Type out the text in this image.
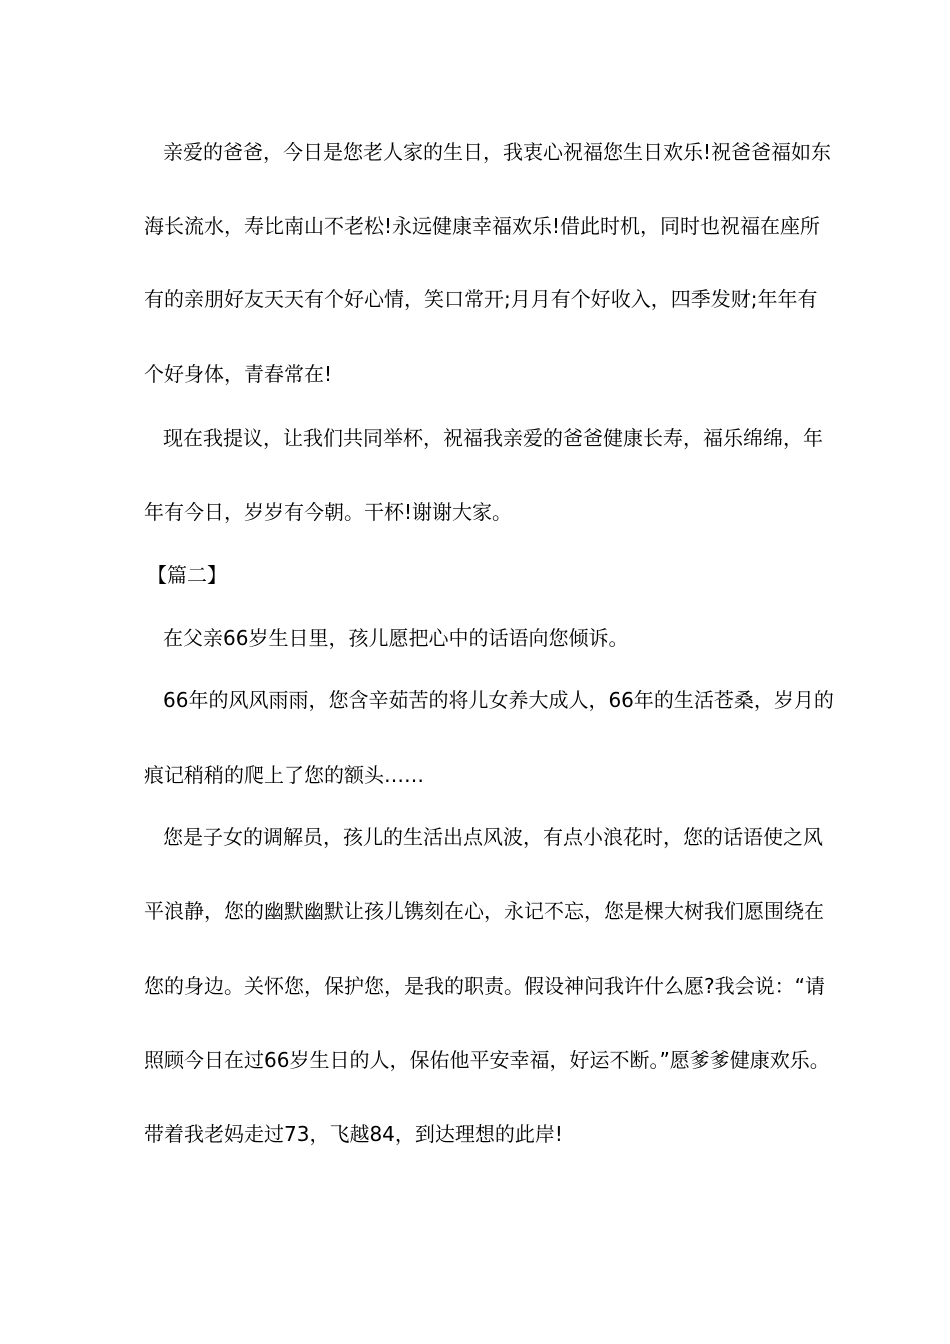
亲爱的爸爸，今日是您老人家的生日，我衷心祝福您生日欢乐!祝爸爸福如东
海长流水，寿比南山不老松!永远健康幸福欢乐!借此时机，同时也祝福在座所
有的亲朋好友天天有个好心情，笑口常开;月月有个好收入，四季发财;年年有
个好身体，青春常在!
现在我提议，让我们共同举杯，祝福我亲爱的爸爸健康长寿，福乐绵绵，年
年有今日，岁岁有今朝。干杯!谢谢大家。
【篇二】
在父亲66岁生日里，孩儿愿把心中的话语向您倾诉。
66年的风风雨雨，您含辛茹苦的将儿女养大成人，66年的生活苍桑，岁月的
痕记稍稍的爬上了您的额头……
您是子女的调解员，孩儿的生活出点风波，有点小浪花时，您的话语使之风
平浪静，您的幽默幽默让孩儿镌刻在心，永记不忘，您是棵大树我们愿围绕在
您的身边。关怀您，保护您，是我的职责。假设神问我许什么愿?我会说：“请
照顾今日在过66岁生日的人，保佑他平安幸福，好运不断。”愿爹爹健康欢乐。
带着我老妈走过73，飞越84，到达理想的此岸!
